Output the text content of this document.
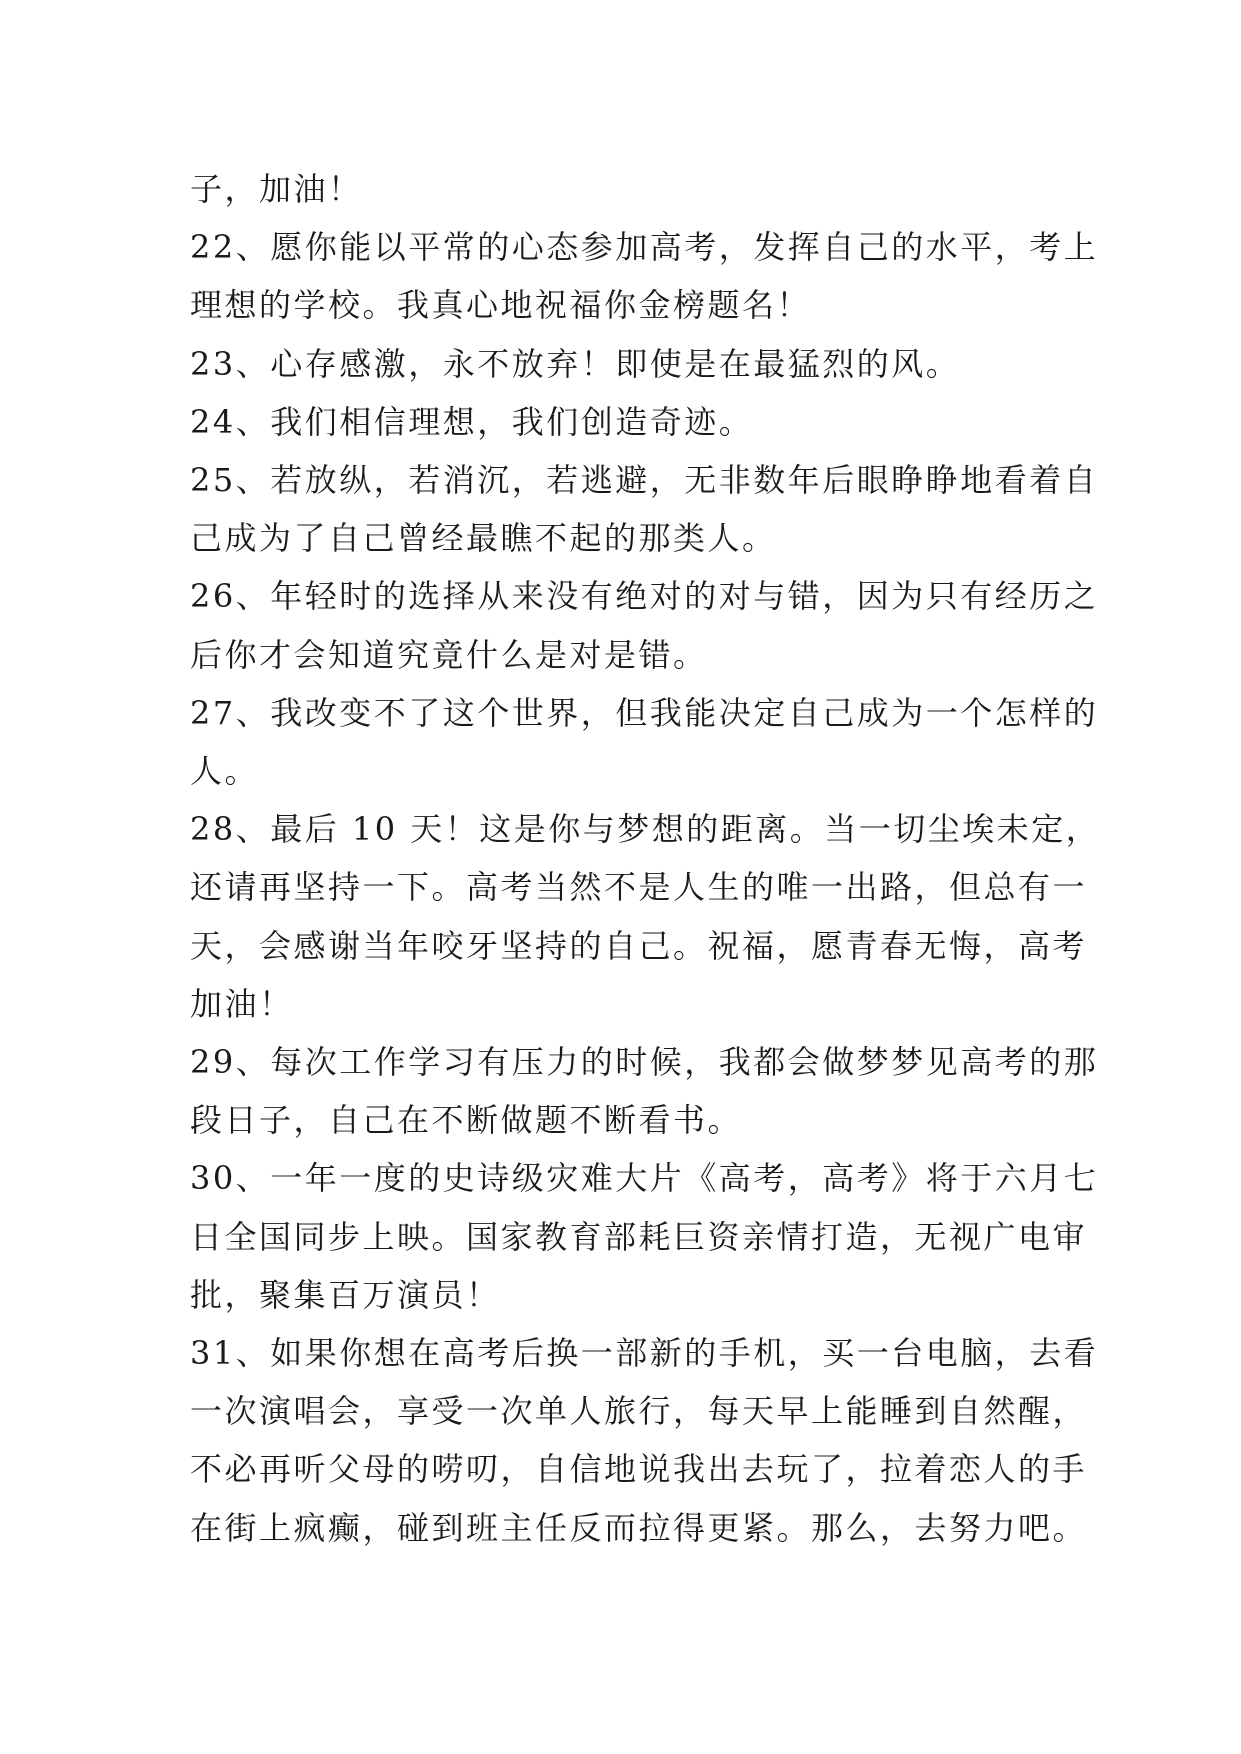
子，加油！

22、愿你能以平常的心态参加高考，发挥自己的水平，考上

理想的学校。我真心地祝福你金榜题名！

23、心存感激，永不放弃！即使是在最猛烈的风。

24、我们相信理想，我们创造奇迹。

25、若放纵，若消沉，若逃避，无非数年后眼睁睁地看着自

己成为了自己曾经最瞧不起的那类人。

26、年轻时的选择从来没有绝对的对与错，因为只有经历之

后你才会知道究竟什么是对是错。

27、我改变不了这个世界，但我能决定自己成为一个怎样的

人。

28、最后 10 天！这是你与梦想的距离。当一切尘埃未定，

还请再坚持一下。高考当然不是人生的唯一出路，但总有一

天，会感谢当年咬牙坚持的自己。祝福，愿青春无悔，高考

加油！

29、每次工作学习有压力的时候，我都会做梦梦见高考的那

段日子，自己在不断做题不断看书。

30、一年一度的史诗级灾难大片《高考，高考》将于六月七

日全国同步上映。国家教育部耗巨资亲情打造，无视广电审

批，聚集百万演员！

31、如果你想在高考后换一部新的手机，买一台电脑，去看

一次演唱会，享受一次单人旅行，每天早上能睡到自然醒，

不必再听父母的唠叨，自信地说我出去玩了，拉着恋人的手

在街上疯癫，碰到班主任反而拉得更紧。那么，去努力吧。
